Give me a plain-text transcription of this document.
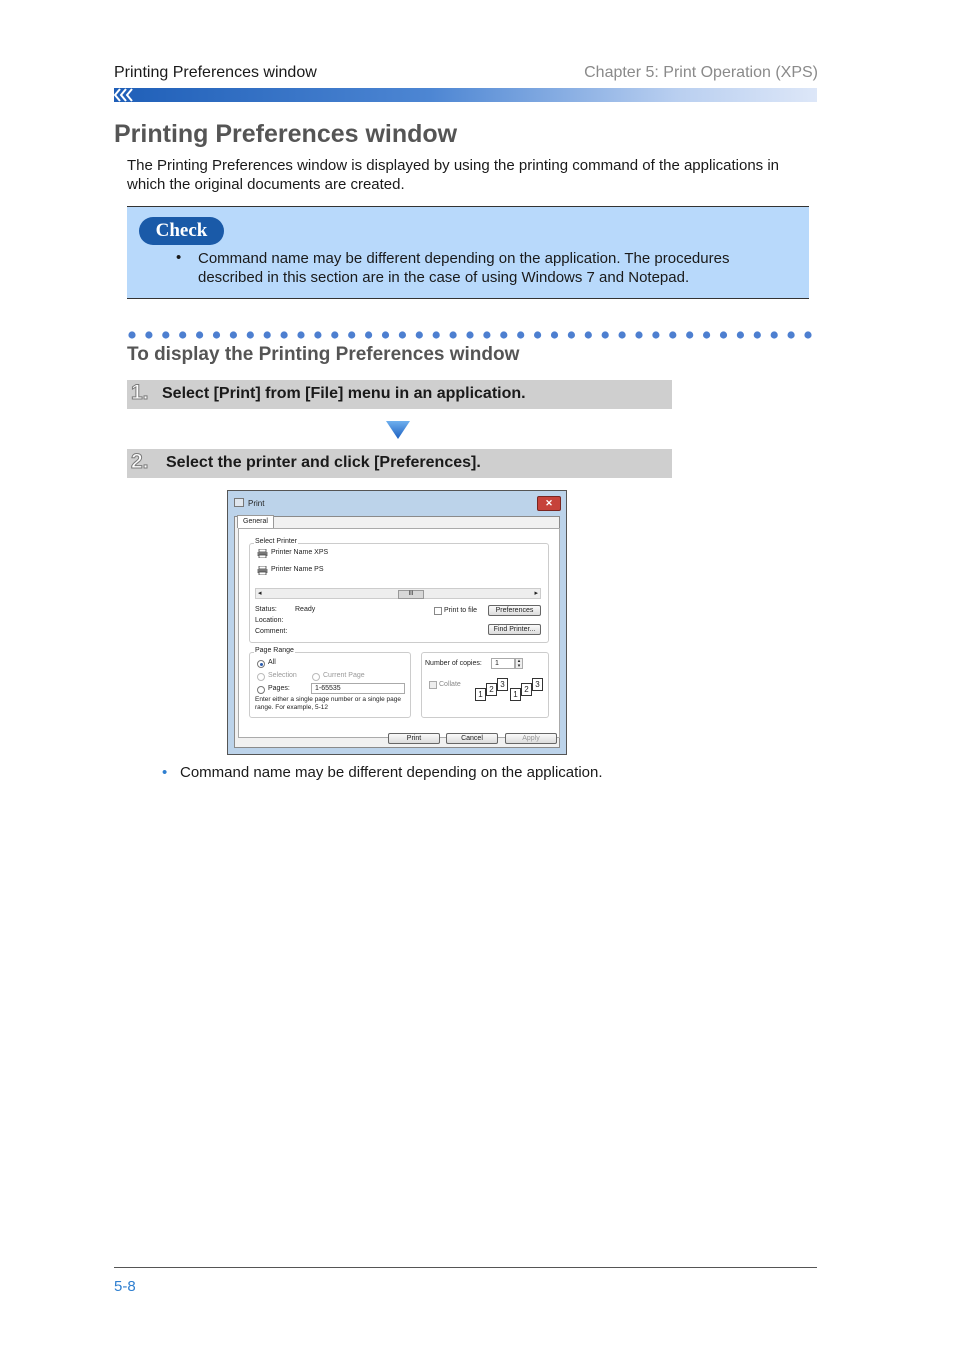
Printing Preferences window	Chapter 5: Print Operation (XPS)
Printing Preferences window
The Printing Preferences window is displayed by using the printing command of the applications in which the original documents are created.
Check
• Command name may be different depending on the application. The procedures described in this section are in the case of using Windows 7 and Notepad.
To display the Printing Preferences window
1. Select [Print] from [File] menu in an application.
2. Select the printer and click [Preferences].
Print	✕
General
Select Printer
Printer Name XPS
Printer Name PS
◂	III	▸
Status:	Ready
Location:
Comment:
Print to file	Preferences
Find Printer...
Page Range
All
Selection	Current Page
Pages:	1-65535
Enter either a single page number or a single page range. For example, 5-12
Number of copies:	1	▴
▾
Collate	3
2
1
3
2
1
Print	Cancel	Apply
• Command name may be different depending on the application.
5-8
